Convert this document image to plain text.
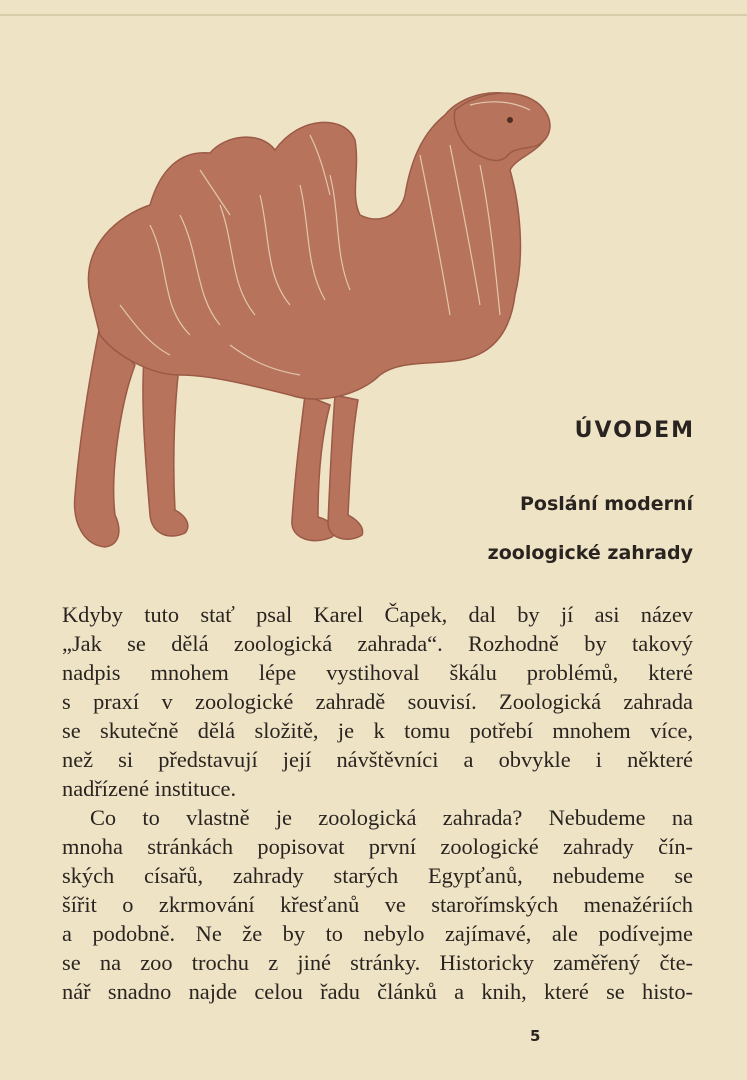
ÚVODEM
Poslání moderní
zoologické zahrady
Kdyby tuto stať psal Karel Čapek, dal by jí asi název
„Jak se dělá zoologická zahrada“. Rozhodně by takový
nadpis mnohem lépe vystihoval škálu problémů, které
s praxí v zoologické zahradě souvisí. Zoologická zahrada
se skutečně dělá složitě, je k tomu potřebí mnohem více,
než si představují její návštěvníci a obvykle i některé
nadřízené instituce.
Co to vlastně je zoologická zahrada? Nebudeme na
mnoha stránkách popisovat první zoologické zahrady čín-
ských císařů, zahrady starých Egypťanů, nebudeme se
šířit o zkrmování křesťanů ve starořímských menažériích
a podobně. Ne že by to nebylo zajímavé, ale podívejme
se na zoo trochu z jiné stránky. Historicky zaměřený čte-
nář snadno najde celou řadu článků a knih, které se histo-
5
